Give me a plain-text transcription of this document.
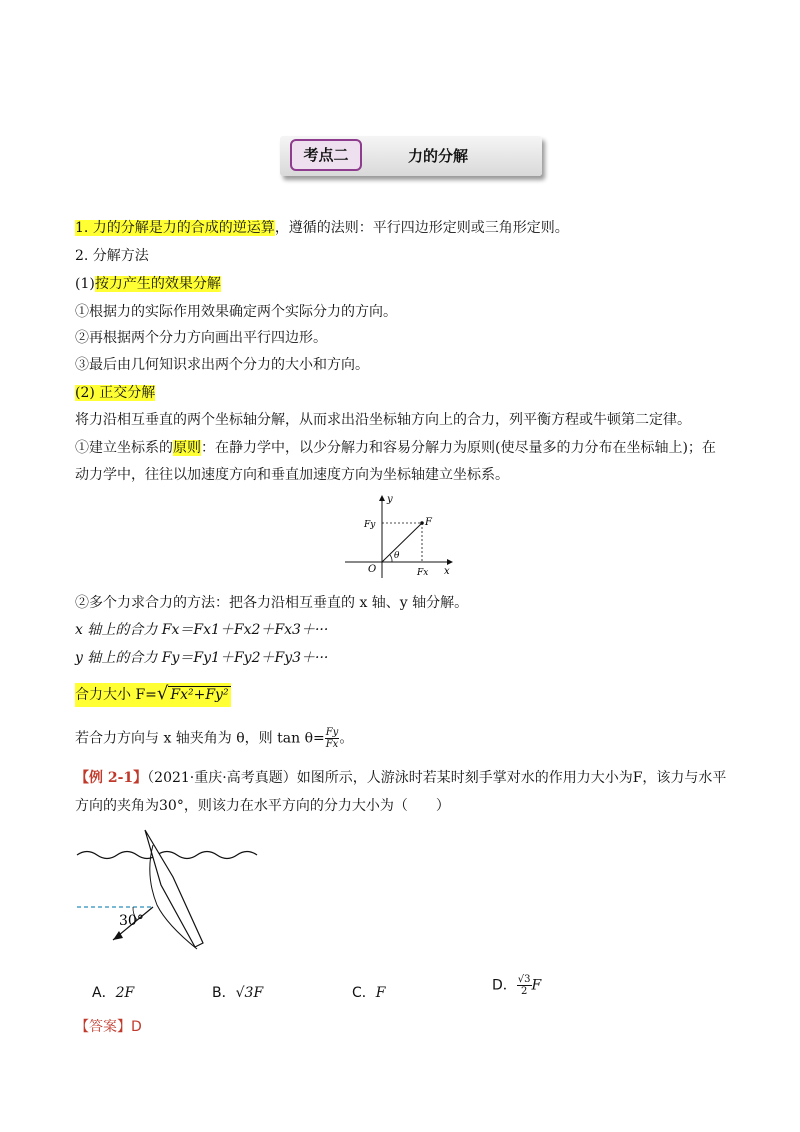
考点二	力的分解
1. 力的分解是力的合成的逆运算，遵循的法则：平行四边形定则或三角形定则。
2. 分解方法
(1)按力产生的效果分解
①根据力的实际作用效果确定两个实际分力的方向。
②再根据两个分力方向画出平行四边形。
③最后由几何知识求出两个分力的大小和方向。
(2) 正交分解
将力沿相互垂直的两个坐标轴分解，从而求出沿坐标轴方向上的合力，列平衡方程或牛顿第二定律。
①建立坐标系的原则：在静力学中，以少分解力和容易分解力为原则(使尽量多的力分布在坐标轴上)；在
动力学中，往往以加速度方向和垂直加速度方向为坐标轴建立坐标系。
y
x
O
F
Fy
Fx
θ
②多个力求合力的方法：把各力沿相互垂直的 x 轴、y 轴分解。
x 轴上的合力 Fx＝Fx1＋Fx2＋Fx3＋···
y 轴上的合力 Fy＝Fy1＋Fy2＋Fy3＋···
合力大小 F=√ Fx²+Fy²
若合力方向与 x 轴夹角为 θ，则 $\tan \theta= \frac{Fy}{Fx}$ 。
【例 2-1】（2021·重庆·高考真题）如图所示，人游泳时若某时刻手掌对水的作用力大小为F，该力与水平
方向的夹角为30°，则该力在水平方向的分力大小为（　　）
30°
A．2F	B．√3F	C．F	D． $\frac{√3}{2}$ F
【答案】D
